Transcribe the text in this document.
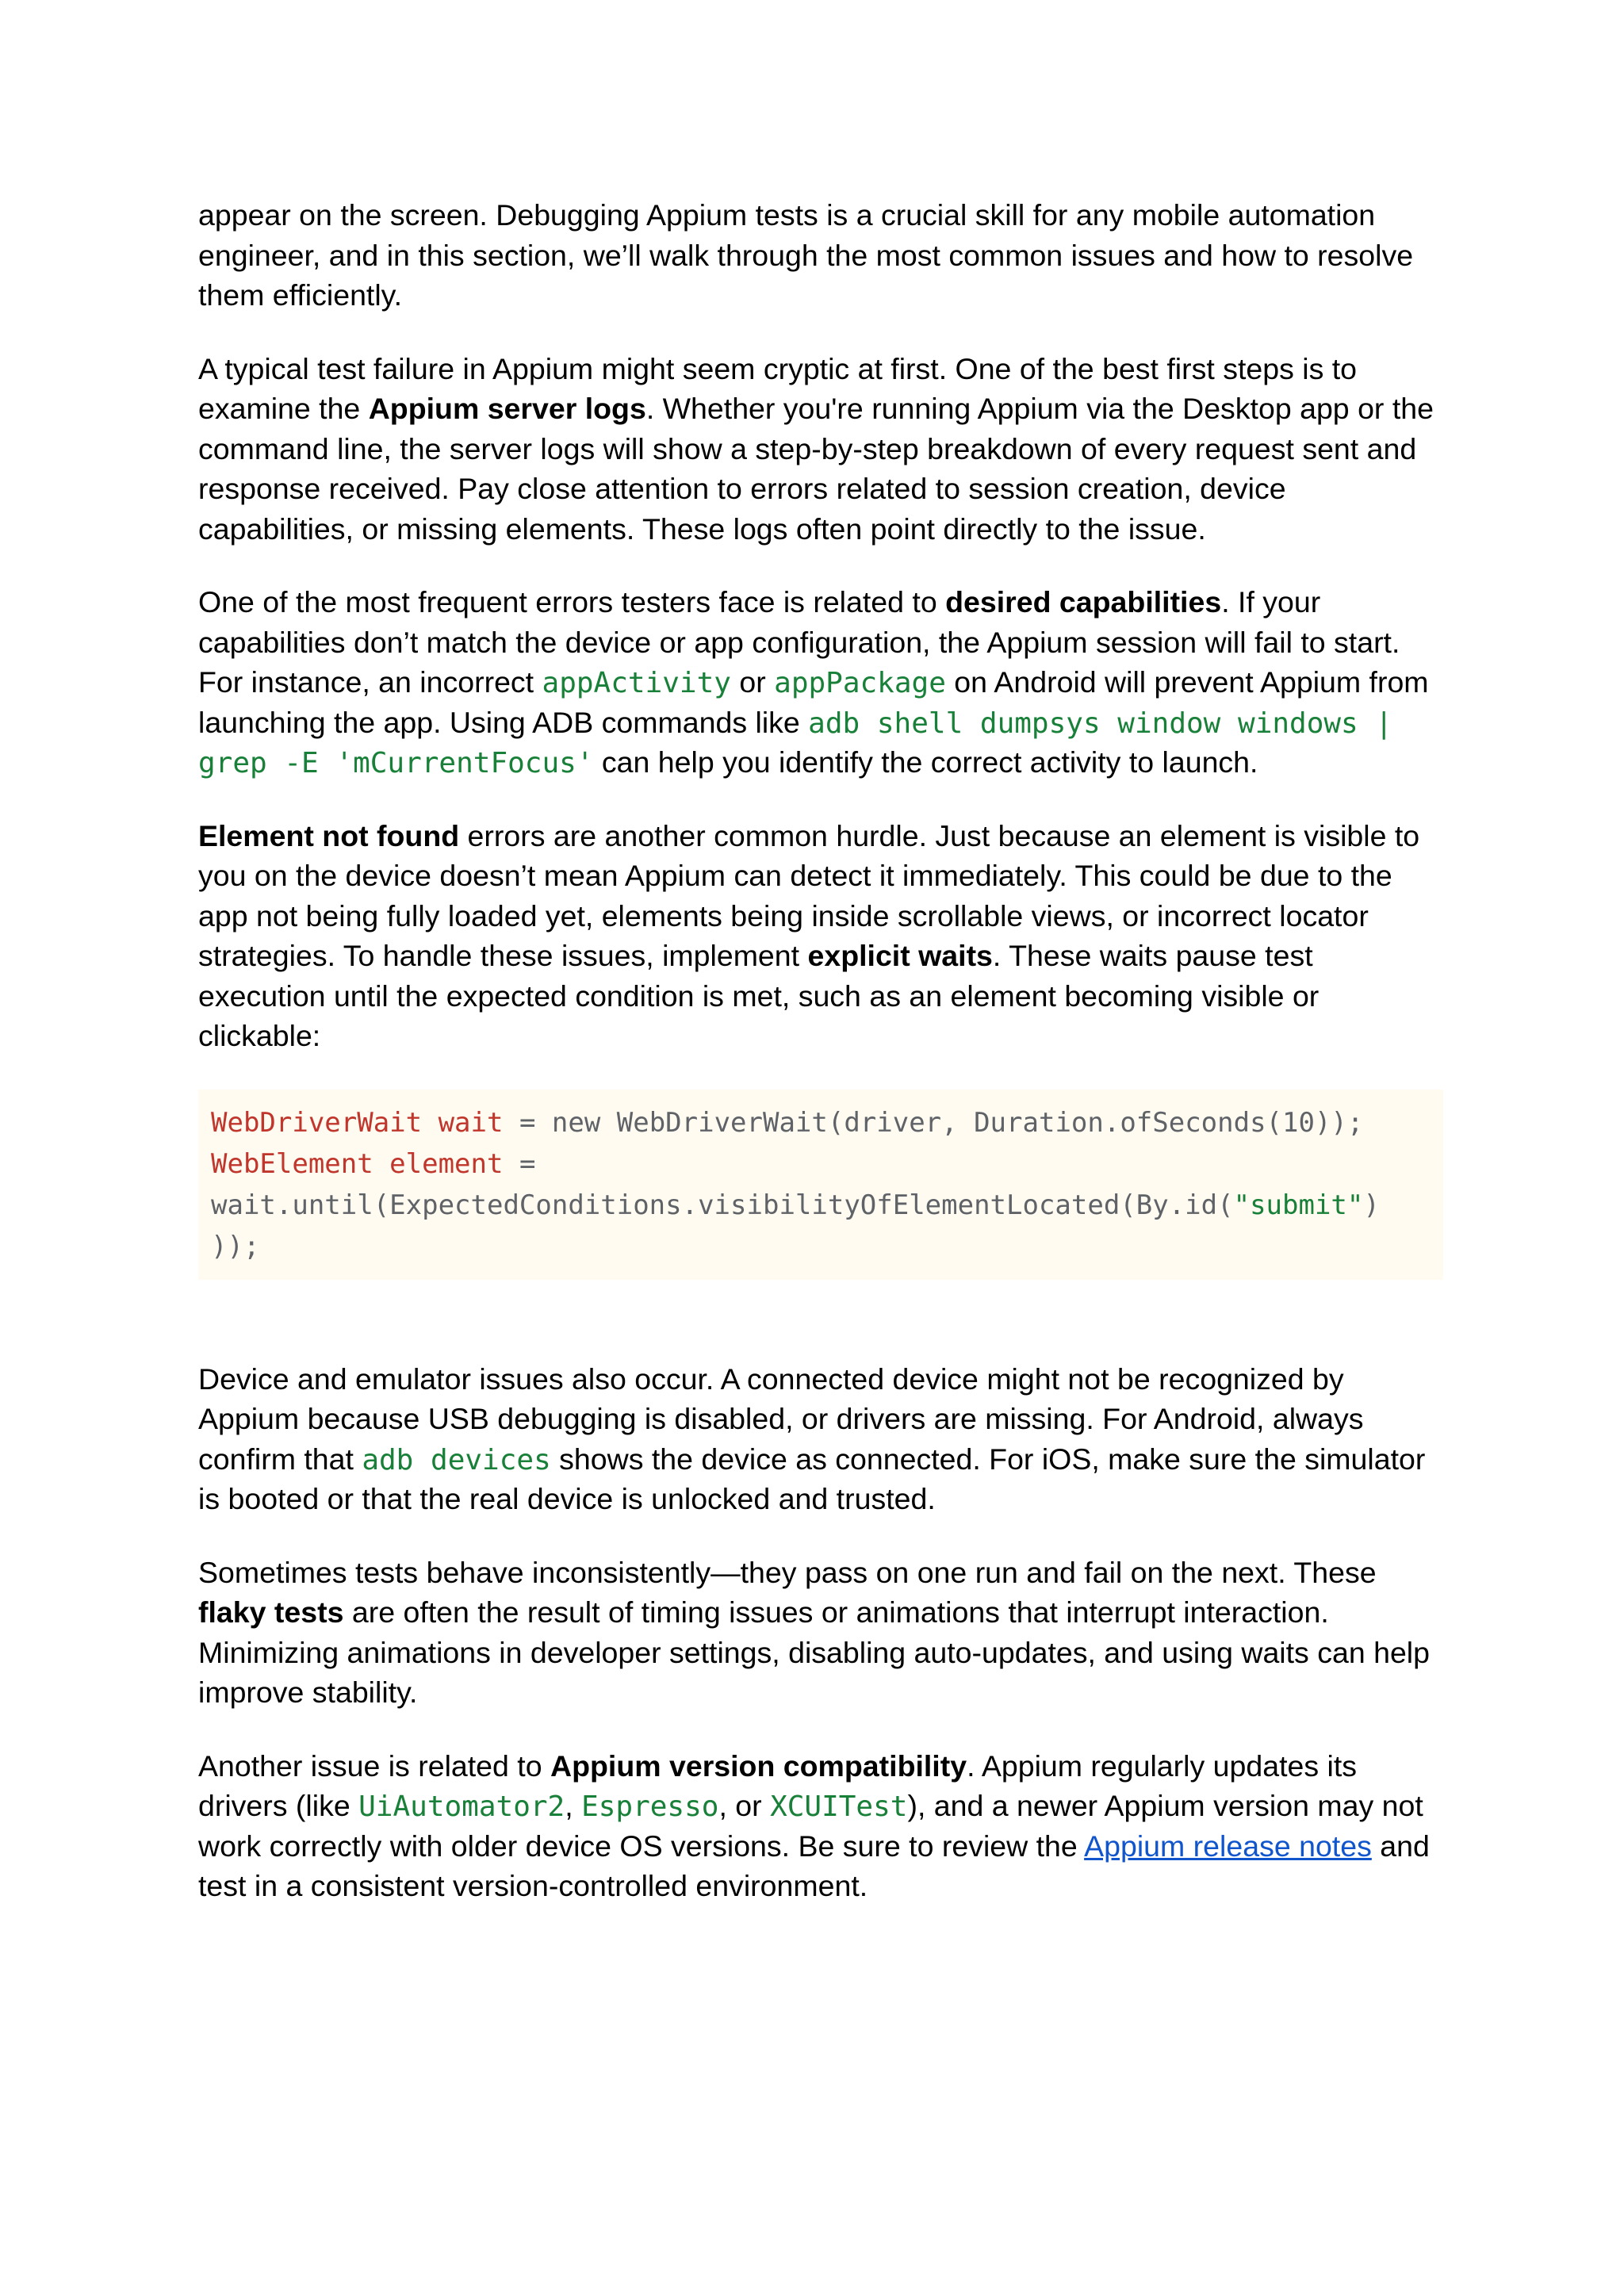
appear on the screen. Debugging Appium tests is a crucial skill for any mobile automation engineer, and in this section, we’ll walk through the most common issues and how to resolve them efficiently.

A typical test failure in Appium might seem cryptic at first. One of the best first steps is to examine the Appium server logs. Whether you're running Appium via the Desktop app or the command line, the server logs will show a step-by-step breakdown of every request sent and response received. Pay close attention to errors related to session creation, device capabilities, or missing elements. These logs often point directly to the issue.

One of the most frequent errors testers face is related to desired capabilities. If your capabilities don’t match the device or app configuration, the Appium session will fail to start. For instance, an incorrect appActivity or appPackage on Android will prevent Appium from launching the app. Using ADB commands like adb shell dumpsys window windows | grep -E 'mCurrentFocus' can help you identify the correct activity to launch.

Element not found errors are another common hurdle. Just because an element is visible to you on the device doesn’t mean Appium can detect it immediately. This could be due to the app not being fully loaded yet, elements being inside scrollable views, or incorrect locator strategies. To handle these issues, implement explicit waits. These waits pause test execution until the expected condition is met, such as an element becoming visible or clickable:

WebDriverWait wait = new WebDriverWait(driver, Duration.ofSeconds(10));
WebElement element =
wait.until(ExpectedConditions.visibilityOfElementLocated(By.id("submit")
));

Device and emulator issues also occur. A connected device might not be recognized by Appium because USB debugging is disabled, or drivers are missing. For Android, always confirm that adb devices shows the device as connected. For iOS, make sure the simulator is booted or that the real device is unlocked and trusted.

Sometimes tests behave inconsistently—they pass on one run and fail on the next. These flaky tests are often the result of timing issues or animations that interrupt interaction. Minimizing animations in developer settings, disabling auto-updates, and using waits can help improve stability.

Another issue is related to Appium version compatibility. Appium regularly updates its drivers (like UiAutomator2, Espresso, or XCUITest), and a newer Appium version may not work correctly with older device OS versions. Be sure to review the Appium release notes and test in a consistent version-controlled environment.
